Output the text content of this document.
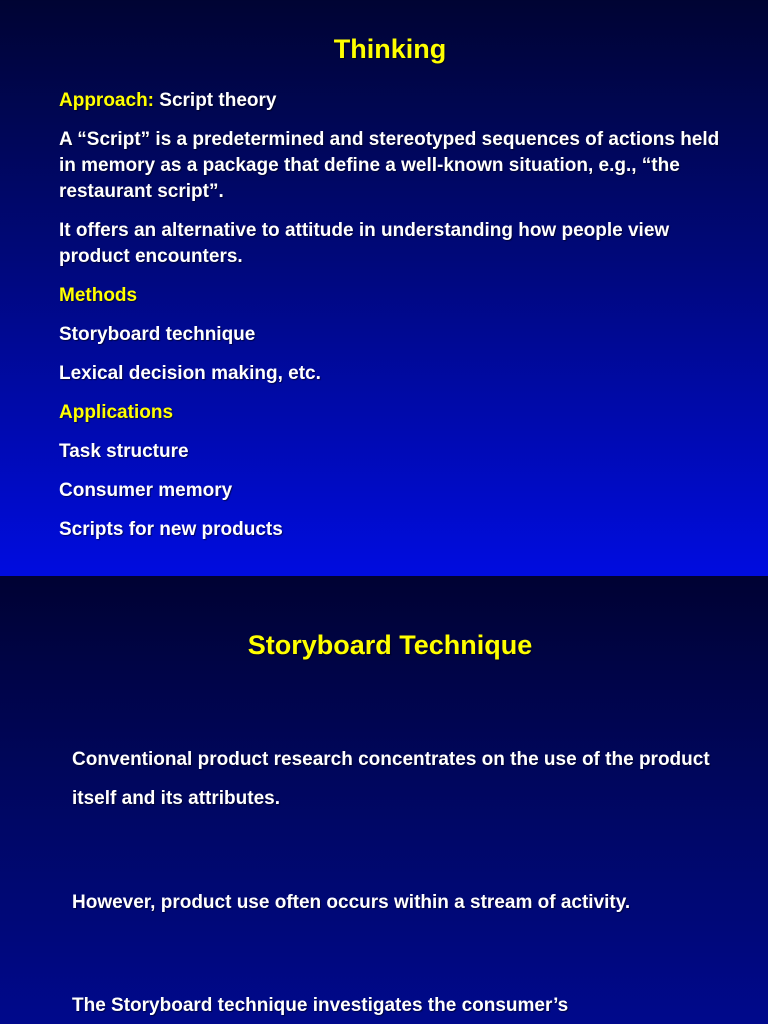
Thinking

Approach: Script theory

A “Script” is a predetermined and stereotyped sequences of actions held in memory as a package that define a well-known situation, e.g., “the restaurant script”.

It offers an alternative to attitude in understanding how people view product encounters.

Methods

Storyboard technique

Lexical decision making, etc.

Applications

Task structure

Consumer memory

Scripts for new products

Storyboard Technique

Conventional product research concentrates on the use of the product itself and its attributes.

However, product use often occurs within a stream of activity.

The Storyboard technique investigates the consumer’s
